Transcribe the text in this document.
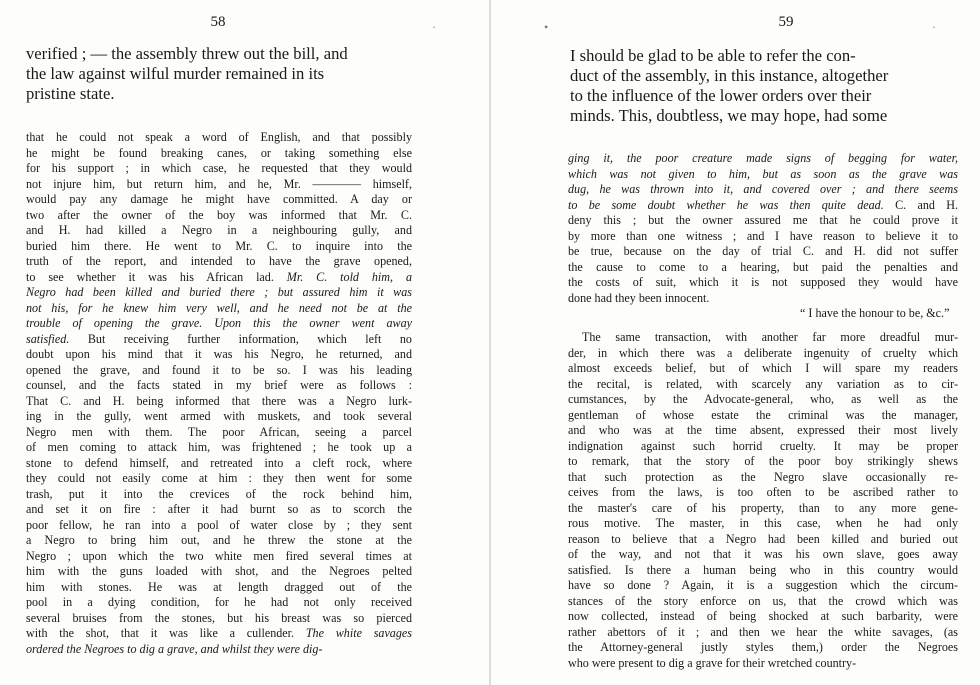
58	·
verified ; — the assembly threw out the bill, and
the law against wilful murder remained in its
pristine state.
that he could not speak a word of English, and that possibly
he might be found breaking canes, or taking something else
for his support ; in which case, he requested that they would
not injure him, but return him, and he, Mr. ———— himself,
would pay any damage he might have committed. A day or
two after the owner of the boy was informed that Mr. C.
and H. had killed a Negro in a neighbouring gully, and
buried him there. He went to Mr. C. to inquire into the
truth of the report, and intended to have the grave opened,
to see whether it was his African lad. Mr. C. told him, a
Negro had been killed and buried there ; but assured him it was
not his, for he knew him very well, and he need not be at the
trouble of opening the grave. Upon this the owner went away
satisfied. But receiving further information, which left no
doubt upon his mind that it was his Negro, he returned, and
opened the grave, and found it to be so. I was his leading
counsel, and the facts stated in my brief were as follows :
That C. and H. being informed that there was a Negro lurk-
ing in the gully, went armed with muskets, and took several
Negro men with them. The poor African, seeing a parcel
of men coming to attack him, was frightened ; he took up a
stone to defend himself, and retreated into a cleft rock, where
they could not easily come at him : they then went for some
trash, put it into the crevices of the rock behind him,
and set it on fire : after it had burnt so as to scorch the
poor fellow, he ran into a pool of water close by ; they sent
a Negro to bring him out, and he threw the stone at the
Negro ; upon which the two white men fired several times at
him with the guns loaded with shot, and the Negroes pelted
him with stones. He was at length dragged out of the
pool in a dying condition, for he had not only received
several bruises from the stones, but his breast was so pierced
with the shot, that it was like a cullender. The white savages
ordered the Negroes to dig a grave, and whilst they were dig-
59
•	·
I should be glad to be able to refer the con-
duct of the assembly, in this instance, altogether
to the influence of the lower orders over their
minds. This, doubtless, we may hope, had some
ging it, the poor creature made signs of begging for water,
which was not given to him, but as soon as the grave was
dug, he was thrown into it, and covered over ; and there seems
to be some doubt whether he was then quite dead. C. and H.
deny this ; but the owner assured me that he could prove it
by more than one witness ; and I have reason to believe it to
be true, because on the day of trial C. and H. did not suffer
the cause to come to a hearing, but paid the penalties and
the costs of suit, which it is not supposed they would have
done had they been innocent.
“ I have the honour to be, &c.”
The same transaction, with another far more dreadful mur-
der, in which there was a deliberate ingenuity of cruelty which
almost exceeds belief, but of which I will spare my readers
the recital, is related, with scarcely any variation as to cir-
cumstances, by the Advocate-general, who, as well as the
gentleman of whose estate the criminal was the manager,
and who was at the time absent, expressed their most lively
indignation against such horrid cruelty. It may be proper
to remark, that the story of the poor boy strikingly shews
that such protection as the Negro slave occasionally re-
ceives from the laws, is too often to be ascribed rather to
the master's care of his property, than to any more gene-
rous motive. The master, in this case, when he had only
reason to believe that a Negro had been killed and buried out
of the way, and not that it was his own slave, goes away
satisfied. Is there a human being who in this country would
have so done ? Again, it is a suggestion which the circum-
stances of the story enforce on us, that the crowd which was
now collected, instead of being shocked at such barbarity, were
rather abettors of it ; and then we hear the white savages, (as
the Attorney-general justly styles them,) order the Negroes
who were present to dig a grave for their wretched country-
